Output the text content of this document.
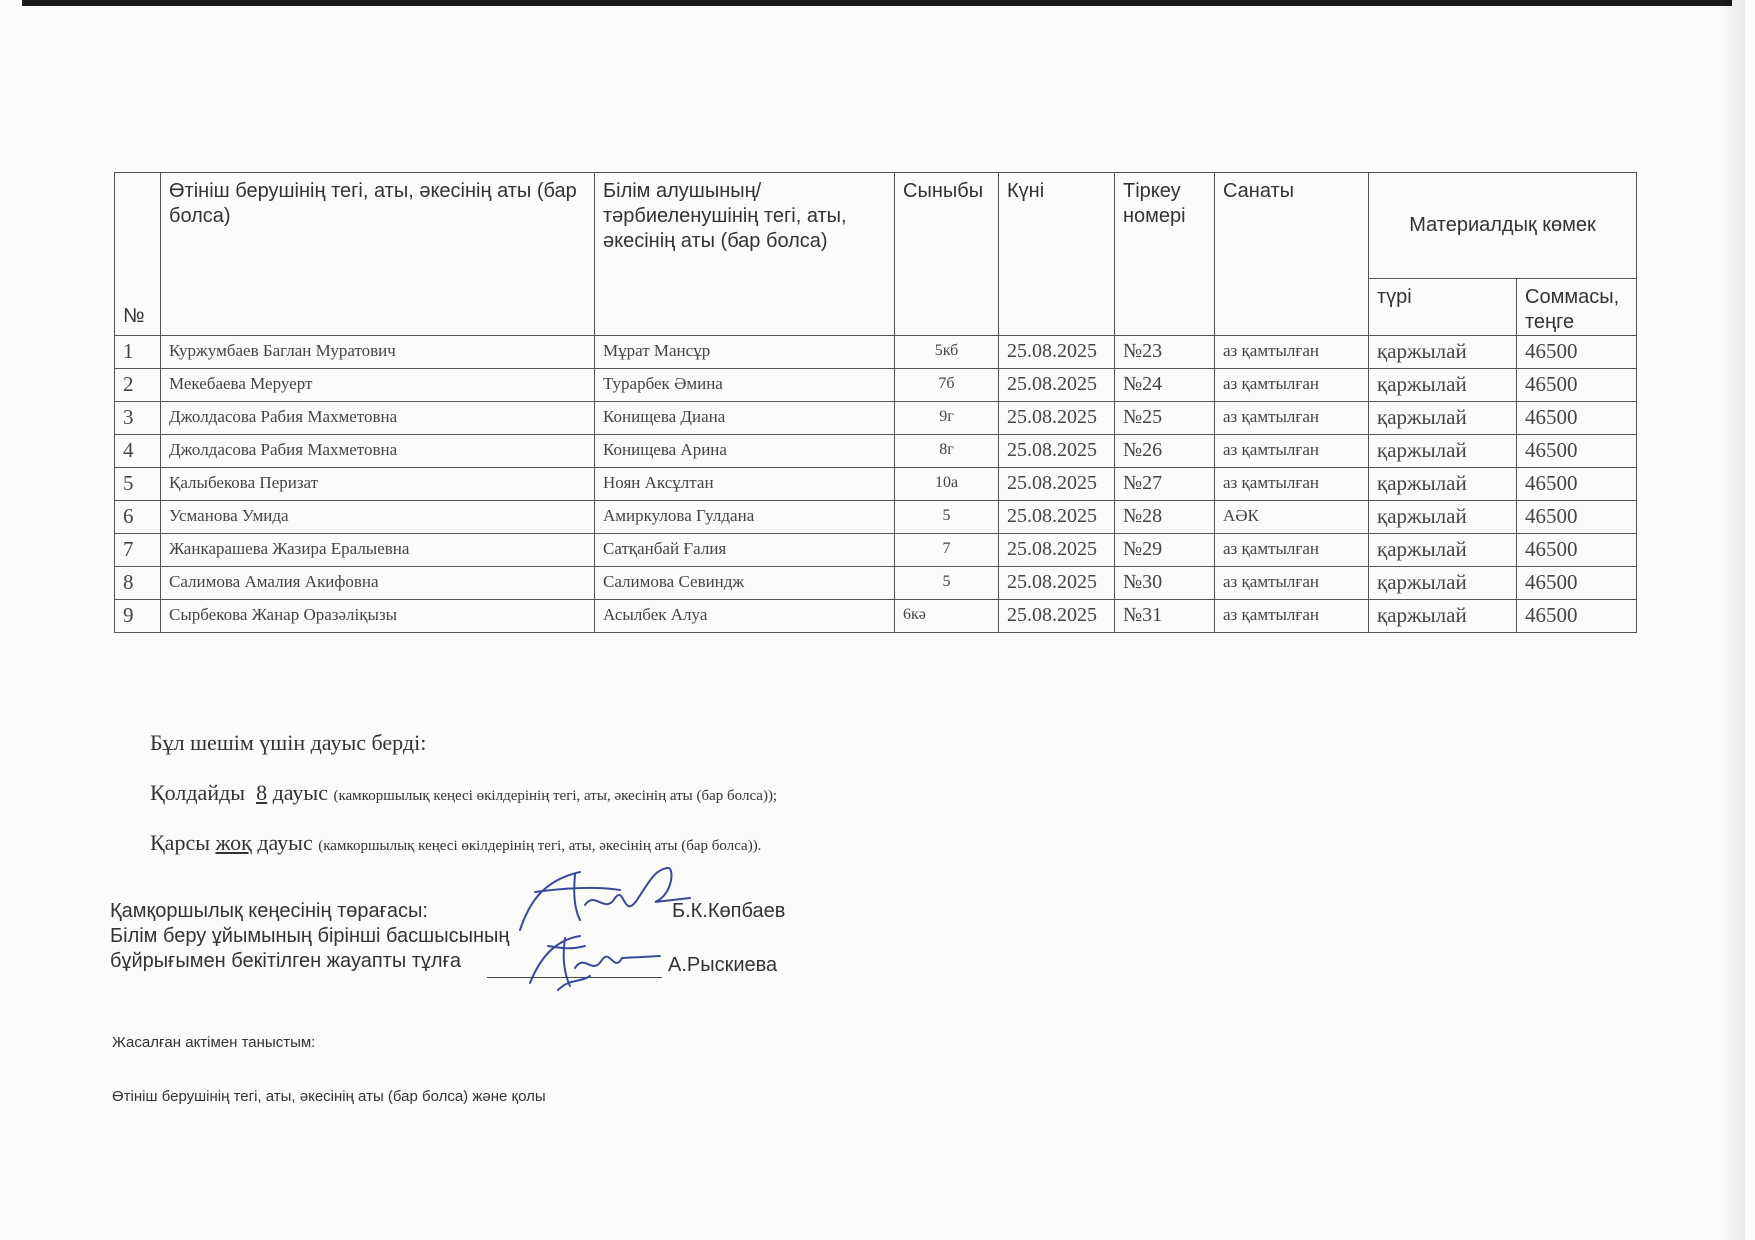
№	Өтініш берушінің тегі, аты, әкесінің аты (бар болса)	Білім алушының/тәрбиеленушінің тегі, аты, әкесінің аты (бар болса)	Сыныбы	Күні	Тіркеу номері	Санаты	Материалдық көмек	
							түрі	Соммасы, теңге
1	Куржумбаев Баглан Муратович	Мұрат Мансұр	5кб	25.08.2025	№23	аз қамтылған	қаржылай	46500
2	Мекебаева Меруерт	Турарбек Әмина	7б	25.08.2025	№24	аз қамтылған	қаржылай	46500
3	Джолдасова Рабия Махметовна	Конищева Диана	9г	25.08.2025	№25	аз қамтылған	қаржылай	46500
4	Джолдасова Рабия Махметовна	Конищева Арина	8г	25.08.2025	№26	аз қамтылған	қаржылай	46500
5	Қалыбекова Перизат	Ноян Аксұлтан	10а	25.08.2025	№27	аз қамтылған	қаржылай	46500
6	Усманова Умида	Амиркулова Гулдана	5	25.08.2025	№28	АӘК	қаржылай	46500
7	Жанкарашева Жазира Ералыевна	Сатқанбай Ғалия	7	25.08.2025	№29	аз қамтылған	қаржылай	46500
8	Салимова Амалия Акифовна	Салимова Севиндж	5	25.08.2025	№30	аз қамтылған	қаржылай	46500
9	Сырбекова Жанар Оразәліқызы	Асылбек Алуа	6кә	25.08.2025	№31	аз қамтылған	қаржылай	46500
Бұл шешім үшін дауыс берді:
Қолдайды 8 дауыс (камкоршылық кеңесі өкілдерінің тегі, аты, әкесінің аты (бар болса));
Қарсы жоқ дауыс (камкоршылық кеңесі өкілдерінің тегі, аты, әкесінің аты (бар болса)).
Қамқоршылық кеңесінің төрағасы:
Білім беру ұйымының бірінші басшысының
бұйрығымен бекітілген жауапты тұлға
Б.К.Көпбаев
А.Рыскиева
Жасалған актімен таныстым:
Өтініш берушінің тегі, аты, әкесінің аты (бар болса) және қолы
